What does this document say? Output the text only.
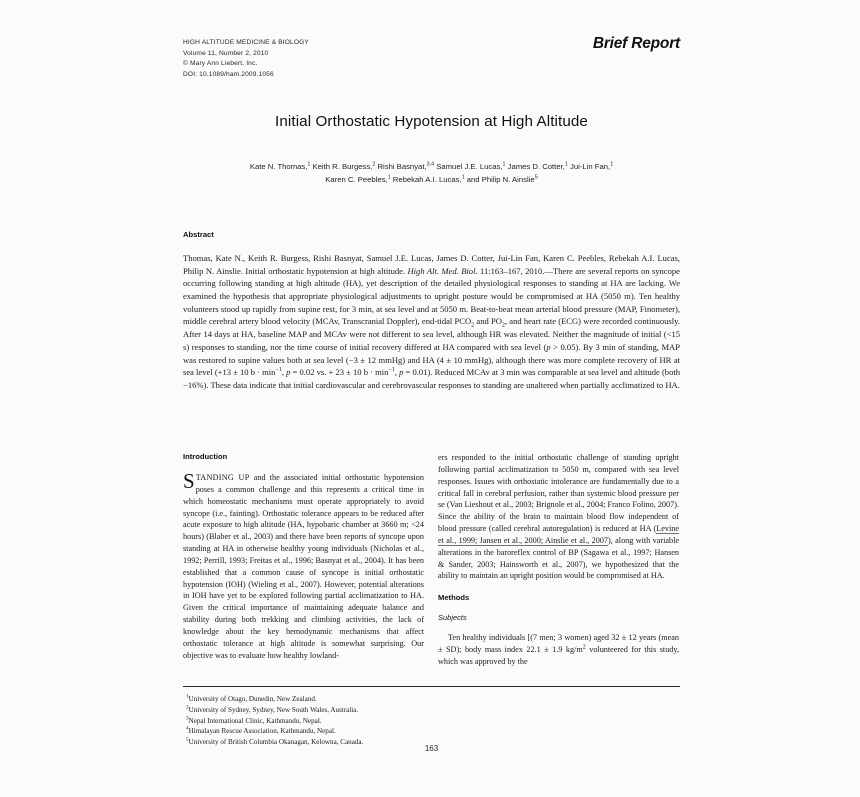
HIGH ALTITUDE MEDICINE & BIOLOGY
Volume 11, Number 2, 2010
© Mary Ann Liebert, Inc.
DOI: 10.1089/ham.2009.1056
Brief Report
Initial Orthostatic Hypotension at High Altitude
Kate N. Thomas,$^1$ Keith R. Burgess,$^2$ Rishi Basnyat,$^{3,4}$ Samuel J.E. Lucas,$^1$ James D. Cotter,$^1$ Jui-Lin Fan,$^1$
Karen C. Peebles,$^1$ Rebekah A.I. Lucas,$^1$ and Philip N. Ainslie$^5$
Abstract
Thomas, Kate N., Keith R. Burgess, Rishi Basnyat, Samuel J.E. Lucas, James D. Cotter, Jui-Lin Fan, Karen C. Peebles, Rebekah A.I. Lucas, Philip N. Ainslie. Initial orthostatic hypotension at high altitude. High Alt. Med. Biol. 11:163–167, 2010.—There are several reports on syncope occurring following standing at high altitude (HA), yet description of the detailed physiological responses to standing at HA are lacking. We examined the hypothesis that appropriate physiological adjustments to upright posture would be compromised at HA (5050 m). Ten healthy volunteers stood up rapidly from supine rest, for 3 min, at sea level and at 5050 m. Beat-to-beat mean arterial blood pressure (MAP, Finometer), middle cerebral artery blood velocity (MCAv, Transcranial Doppler), end-tidal $PCO_2$ and $PO_2$, and heart rate (ECG) were recorded continuously. After 14 days at HA, baseline MAP and MCAv were not different to sea level, although HR was elevated. Neither the magnitude of initial (<15 s) responses to standing, nor the time course of initial recovery differed at HA compared with sea level (p > 0.05). By 3 min of standing, MAP was restored to supine values both at sea level (−3 ± 12 mmHg) and HA (4 ± 10 mmHg), although there was more complete recovery of HR at sea level (+13 ± 10 $b \cdot \min^{-1}$, p = 0.02 vs. + 23 ± 10 $b \cdot \min^{-1}$, p = 0.01). Reduced MCAv at 3 min was comparable at sea level and altitude (both −16%). These data indicate that initial cardiovascular and cerebrovascular responses to standing are unaltered when partially acclimatized to HA.
Introduction

STANDING UP and the associated initial orthostatic hypotension poses a common challenge and this represents a critical time in which homeostatic mechanisms must operate appropriately to avoid syncope (i.e., fainting). Orthostatic tolerance appears to be reduced after acute exposure to high altitude (HA, hypobaric chamber at 3660 m; <24 hours) (Blaber et al., 2003) and there have been reports of syncope upon standing at HA in otherwise healthy young individuals (Nicholas et al., 1992; Perrill, 1993; Freitas et al., 1996; Basnyat et al., 2004). It has been established that a common cause of syncope is initial orthostatic hypotension (IOH) (Wieling et al., 2007). However, potential alterations in IOH have yet to be explored following partial acclimatization to HA. Given the critical importance of maintaining adequate balance and stability during both trekking and climbing activities, the lack of knowledge about the key hemodynamic mechanisms that affect orthostatic tolerance at high altitude is somewhat surprising. Our objective was to evaluate how healthy lowland-

ers responded to the initial orthostatic challenge of standing upright following partial acclimatization to 5050 m, compared with sea level responses. Issues with orthostatic intolerance are fundamentally due to a critical fall in cerebral perfusion, rather than systemic blood pressure per se (Van Lieshout et al., 2003; Brignole et al., 2004; Franco Folino, 2007). Since the ability of the brain to maintain blood flow independent of blood pressure (called cerebral autoregulation) is reduced at HA (Levine et al., 1999; Jansen et al., 2000; Ainslie et al., 2007), along with variable alterations in the baroreflex control of BP (Sagawa et al., 1997; Hansen & Sander, 2003; Hainsworth et al., 2007), we hypothesized that the ability to maintain an upright position would be compromised at HA.

Methods
Subjects

Ten healthy individuals [(7 men; 3 women) aged 32 ± 12 years (mean ± SD); body mass index 22.1 ± 1.9 $kg/m^2$ volunteered for this study, which was approved by the

$^1$University of Otago, Dunedin, New Zealand.
$^2$University of Sydney, Sydney, New South Wales, Australia.
$^3$Nepal International Clinic, Kathmandu, Nepal.
$^4$Himalayan Rescue Association, Kathmandu, Nepal.
$^5$University of British Columbia Okanagan, Kelowna, Canada.
163
